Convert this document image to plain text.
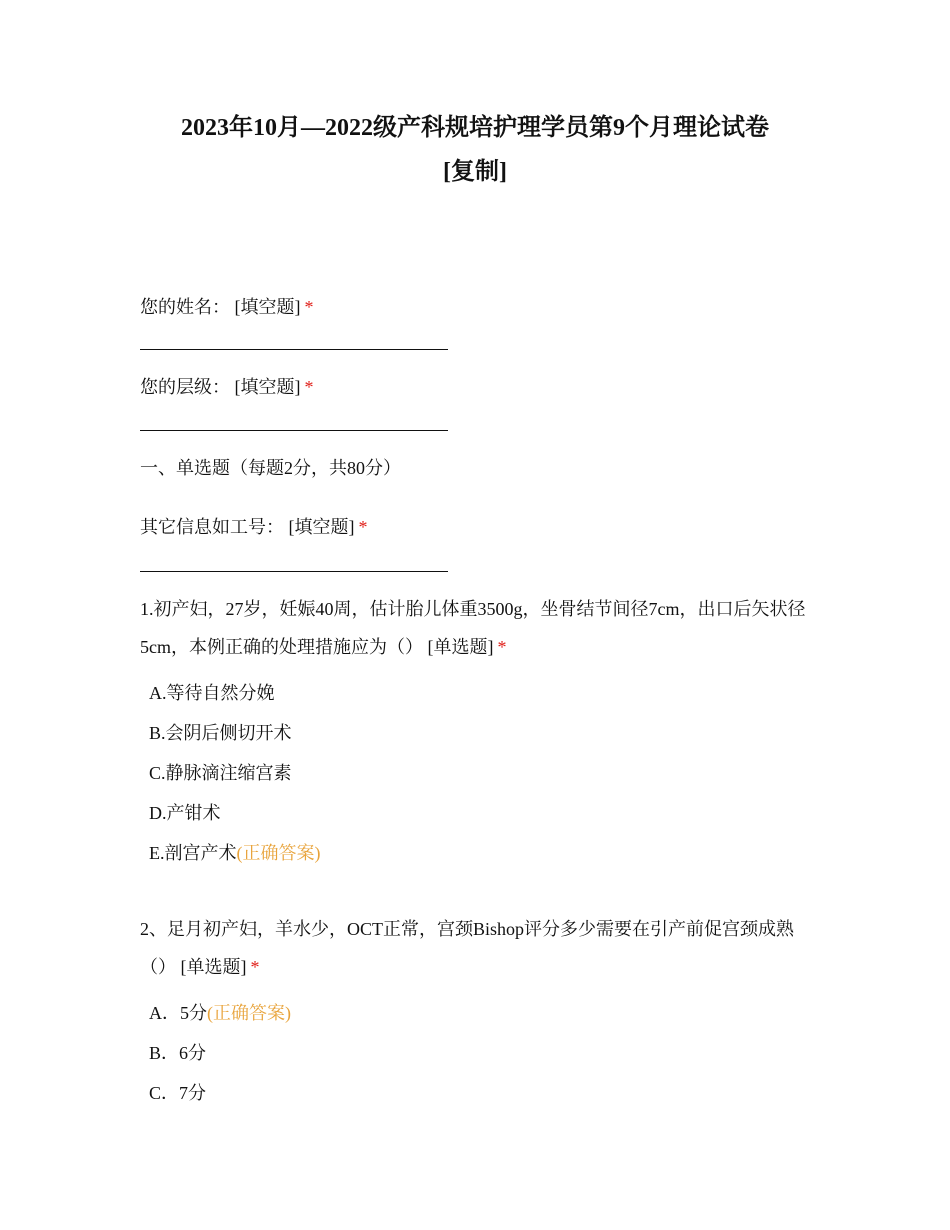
2023年10月—2022级产科规培护理学员第9个月理论试卷
[复制]
您的姓名： [填空题] *
您的层级： [填空题] *
一、单选题（每题2分，共80分）
其它信息如工号： [填空题] *
1.初产妇，27岁，妊娠40周，估计胎儿体重3500g，坐骨结节间径7cm，出口后矢状径5cm，本例正确的处理措施应为（） [单选题] *
A.等待自然分娩
B.会阴后侧切开术
C.静脉滴注缩宫素
D.产钳术
E.剖宫产术(正确答案)
2、足月初产妇，羊水少，OCT正常，宫颈Bishop评分多少需要在引产前促宫颈成熟（） [单选题] *
A．5分(正确答案)
B．6分
C．7分
